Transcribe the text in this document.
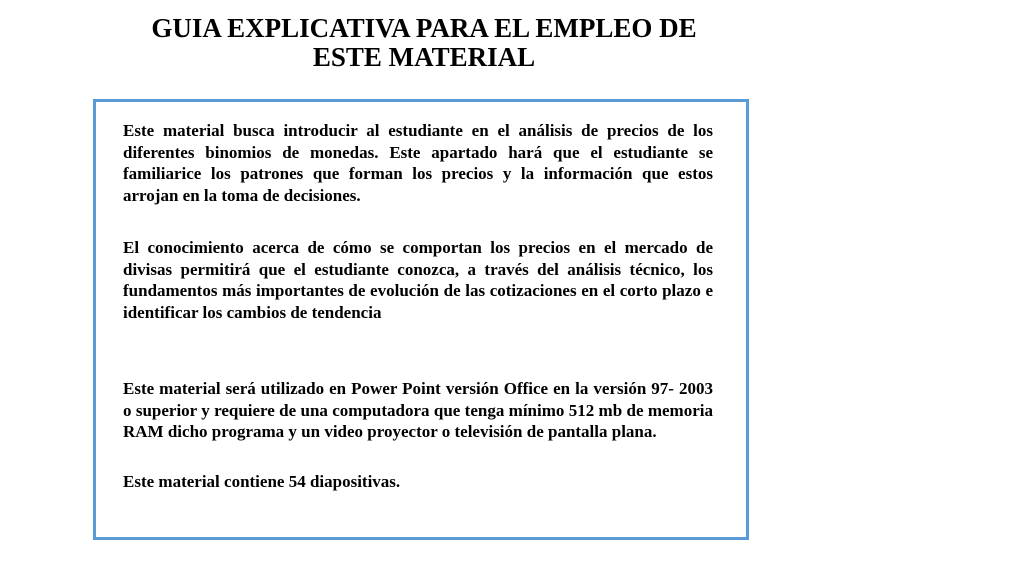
GUIA EXPLICATIVA PARA EL EMPLEO DE
ESTE MATERIAL

Este material busca introducir al estudiante en el análisis de precios de los diferentes binomios de monedas. Este apartado hará que el estudiante se familiarice los patrones que forman los precios y la información que estos arrojan en la toma de decisiones.

El conocimiento acerca de cómo se comportan los precios en el mercado de divisas permitirá que el estudiante conozca, a través del análisis técnico, los fundamentos más importantes de evolución de las cotizaciones en el corto plazo e identificar los cambios de tendencia

Este material será utilizado en Power Point versión Office en la versión 97- 2003 o superior y requiere de una computadora que tenga mínimo 512 mb de memoria RAM dicho programa y un video proyector o televisión de pantalla plana.

Este material contiene 54 diapositivas.
